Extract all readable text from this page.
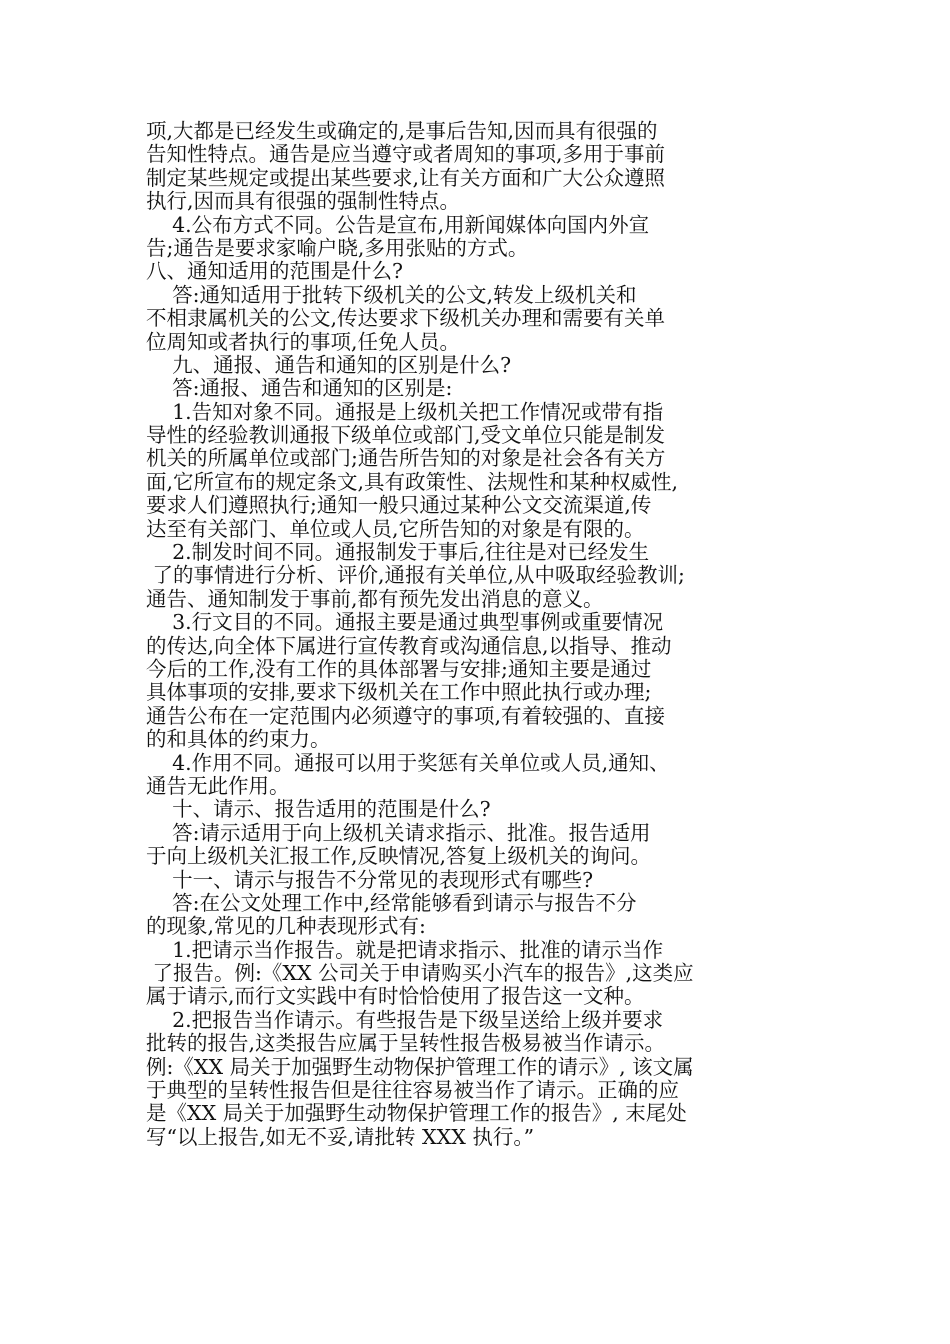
项,大都是已经发生或确定的,是事后告知,因而具有很强的
告知性特点。通告是应当遵守或者周知的事项,多用于事前
制定某些规定或提出某些要求,让有关方面和广大公众遵照
执行,因而具有很强的强制性特点。
4.公布方式不同。公告是宣布,用新闻媒体向国内外宣
告;通告是要求家喻户晓,多用张贴的方式。
八、通知适用的范围是什么?
答:通知适用于批转下级机关的公文,转发上级机关和
不相隶属机关的公文,传达要求下级机关办理和需要有关单
位周知或者执行的事项,任免人员。
九、通报、通告和通知的区别是什么?
答:通报、通告和通知的区别是:
1.告知对象不同。通报是上级机关把工作情况或带有指
导性的经验教训通报下级单位或部门,受文单位只能是制发
机关的所属单位或部门;通告所告知的对象是社会各有关方
面,它所宣布的规定条文,具有政策性、法规性和某种权威性,
要求人们遵照执行;通知一般只通过某种公文交流渠道,传
达至有关部门、单位或人员,它所告知的对象是有限的。
2.制发时间不同。通报制发于事后,往往是对已经发生
了的事情进行分析、评价,通报有关单位,从中吸取经验教训;
通告、通知制发于事前,都有预先发出消息的意义。
3.行文目的不同。通报主要是通过典型事例或重要情况
的传达,向全体下属进行宣传教育或沟通信息,以指导、推动
今后的工作,没有工作的具体部署与安排;通知主要是通过
具体事项的安排,要求下级机关在工作中照此执行或办理;
通告公布在一定范围内必须遵守的事项,有着较强的、直接
的和具体的约束力。
4.作用不同。通报可以用于奖惩有关单位或人员,通知、
通告无此作用。
十、请示、报告适用的范围是什么?
答:请示适用于向上级机关请求指示、批准。报告适用
于向上级机关汇报工作,反映情况,答复上级机关的询问。
十一、请示与报告不分常见的表现形式有哪些?
答:在公文处理工作中,经常能够看到请示与报告不分
的现象,常见的几种表现形式有:
1.把请示当作报告。就是把请求指示、批准的请示当作
了报告。例:《XX 公司关于申请购买小汽车的报告》,这类应
属于请示,而行文实践中有时恰恰使用了报告这一文种。
2.把报告当作请示。有些报告是下级呈送给上级并要求
批转的报告,这类报告应属于呈转性报告极易被当作请示。
例:《XX 局关于加强野生动物保护管理工作的请示》, 该文属
于典型的呈转性报告但是往往容易被当作了请示。正确的应
是《XX 局关于加强野生动物保护管理工作的报告》, 末尾处
写“以上报告,如无不妥,请批转 XXX 执行。”
